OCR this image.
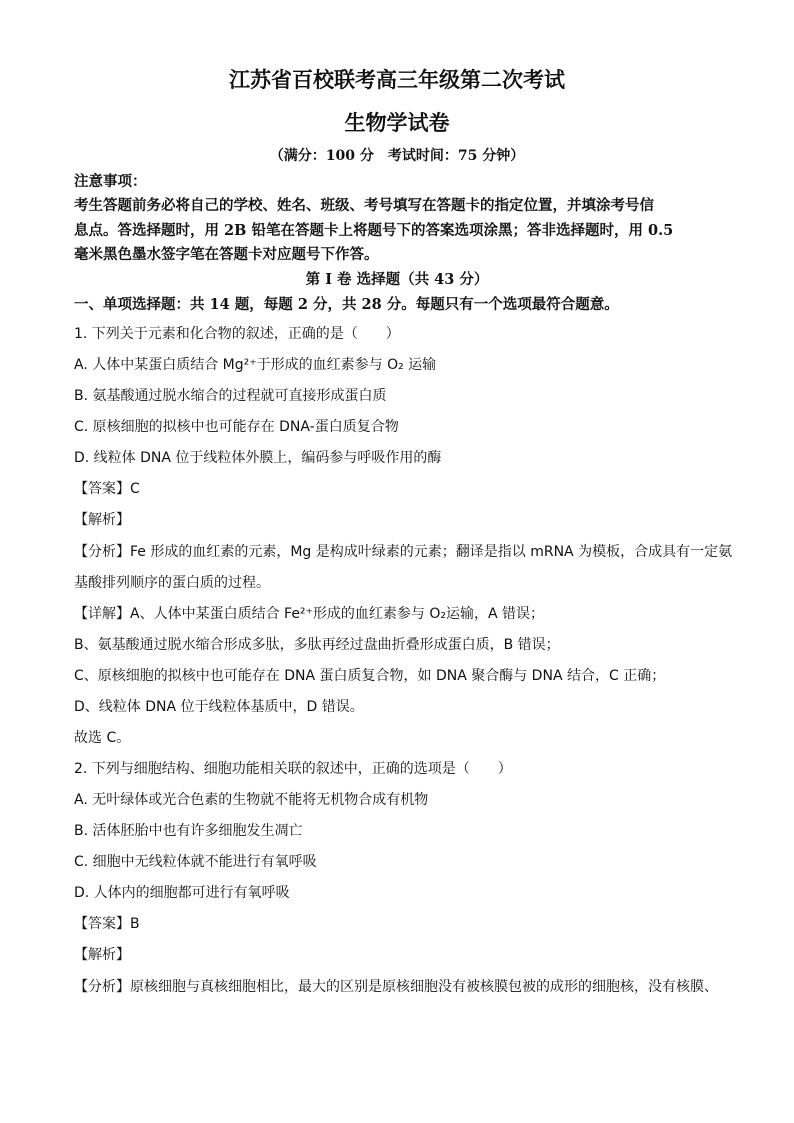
江苏省百校联考高三年级第二次考试
生物学试卷
（满分：100 分　考试时间：75 分钟）
注意事项：
考生答题前务必将自己的学校、姓名、班级、考号填写在答题卡的指定位置，并填涂考号信
息点。答选择题时，用 2B 铅笔在答题卡上将题号下的答案选项涂黑；答非选择题时，用 0.5
毫米黑色墨水签字笔在答题卡对应题号下作答。
第 Ⅰ 卷 选择题（共 43 分）
一、单项选择题：共 14 题，每题 2 分，共 28 分。每题只有一个选项最符合题意。
1. 下列关于元素和化合物的叙述，正确的是（　　）
A. 人体中某蛋白质结合 Mg²⁺于形成的血红素参与 O₂ 运输
B. 氨基酸通过脱水缩合的过程就可直接形成蛋白质
C. 原核细胞的拟核中也可能存在 DNA-蛋白质复合物
D. 线粒体 DNA 位于线粒体外膜上，编码参与呼吸作用的酶
【答案】C
【解析】
【分析】Fe 形成的血红素的元素，Mg 是构成叶绿素的元素；翻译是指以 mRNA 为模板，合成具有一定氨
基酸排列顺序的蛋白质的过程。
【详解】A、人体中某蛋白质结合 Fe²⁺形成的血红素参与 O₂运输，A 错误；
B、氨基酸通过脱水缩合形成多肽，多肽再经过盘曲折叠形成蛋白质，B 错误；
C、原核细胞的拟核中也可能存在 DNA 蛋白质复合物，如 DNA 聚合酶与 DNA 结合，C 正确；
D、线粒体 DNA 位于线粒体基质中，D 错误。
故选 C。
2. 下列与细胞结构、细胞功能相关联的叙述中，正确的选项是（　　）
A. 无叶绿体或光合色素的生物就不能将无机物合成有机物
B. 活体胚胎中也有许多细胞发生凋亡
C. 细胞中无线粒体就不能进行有氧呼吸
D. 人体内的细胞都可进行有氧呼吸
【答案】B
【解析】
【分析】原核细胞与真核细胞相比，最大的区别是原核细胞没有被核膜包被的成形的细胞核，没有核膜、
